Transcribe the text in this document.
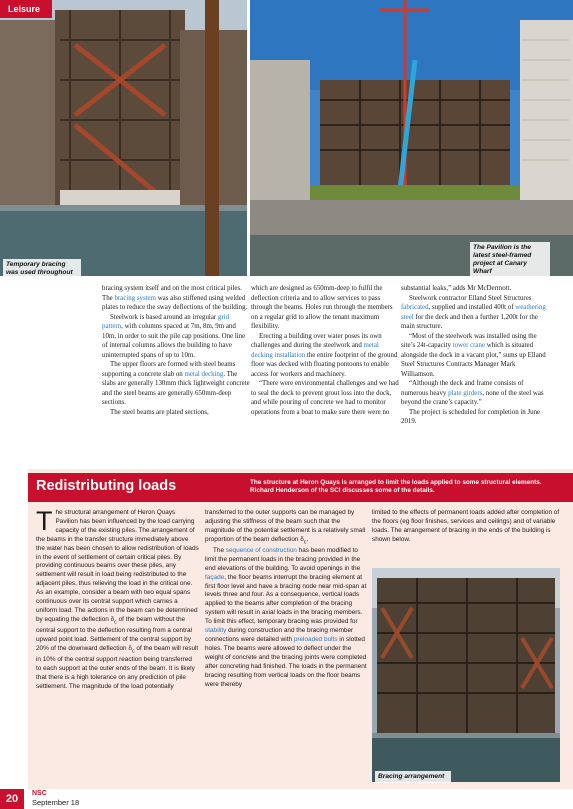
Leisure
Temporary bracing was used throughout
The Pavilion is the latest steel-framed project at Canary Wharf

bracing system itself and on the most critical piles. The bracing system was also stiffened using welded plates to reduce the sway deflections of the building.

Steelwork is based around an irregular grid pattern, with columns spaced at 7m, 8m, 9m and 10m, in order to suit the pile cap positions. One line of internal columns allows the building to have uninterrupted spans of up to 10m.

The upper floors are formed with steel beams supporting a concrete slab on metal decking. The slabs are generally 130mm thick lightweight concrete and the steel beams are generally 650mm-deep sections.

The steel beams are plated sections,

which are designed as 650mm-deep to fulfil the deflection criteria and to allow services to pass through the beams. Holes run through the members on a regular grid to allow the tenant maximum flexibility.

Erecting a building over water poses its own challenges and during the steelwork and metal decking installation the entire footprint of the ground floor was decked with floating pontoons to enable access for workers and machinery.

“There were environmental challenges and we had to seal the deck to prevent grout loss into the dock, and while pouring of concrete we had to monitor operations from a boat to make sure there were no

substantial leaks,” adds Mr McDermott.

Steelwork contractor Elland Steel Structures fabricated, supplied and installed 400t of weathering steel for the deck and then a further 1,200t for the main structure.

“Most of the steelwork was installed using the site’s 24t-capacity tower crane which is situated alongside the dock in a vacant plot,” sums up Elland Steel Structures Contracts Manager Mark Williamson.

“Although the deck and frame consists of numerous heavy plate girders, none of the steel was beyond the crane’s capacity.”

The project is scheduled for completion in June 2019.

Redistributing loads	The structure at Heron Quays is arranged to limit the loads applied to some structural elements. Richard Henderson of the SCI discusses some of the details.

The structural arrangement of Heron Quays Pavilion has been influenced by the load carrying capacity of the existing piles. The arrangement of the beams in the transfer structure immediately above the water has been chosen to allow redistribution of loads in the event of settlement of certain critical piles. By providing continuous beams over these piles, any settlement will result in load being redistributed to the adjacent piles, thus relieving the load in the critical one. As an example, consider a beam with two equal spans continuous over its central support which carries a uniform load. The actions in the beam can be determined by equating the deflection $\delta_c$ of the beam without the central support to the deflection resulting from a central upward point load. Settlement of the central support by 20% of the downward deflection $\delta_c$ of the beam will result in 10% of the central support reaction being transferred to each support at the outer ends of the beam. It is likely that there is a high tolerance on any prediction of pile settlement. The magnitude of the load potentially

transferred to the outer supports can be managed by adjusting the stiffness of the beam such that the magnitude of the potential settlement is a relatively small proportion of the beam deflection $\delta_c$.

The sequence of construction has been modified to limit the permanent loads in the bracing provided in the end elevations of the building. To avoid openings in the façade, the floor beams interrupt the bracing element at first floor level and have a bracing node near mid-span at levels three and four. As a consequence, vertical loads applied to the beams after completion of the bracing system will result in axial loads in the bracing members. To limit this effect, temporary bracing was provided for stability during construction and the bracing member connections were detailed with preloaded bolts in slotted holes. The beams were allowed to deflect under the weight of concrete and the bracing joints were completed after concreting had finished. The loads in the permanent bracing resulting from vertical loads on the floor beams were thereby

limited to the effects of permanent loads added after completion of the floors (eg floor finishes, services and ceilings) and of variable loads. The arrangement of bracing in the ends of the building is shown below.

Bracing arrangement
20	NSC
September 18
